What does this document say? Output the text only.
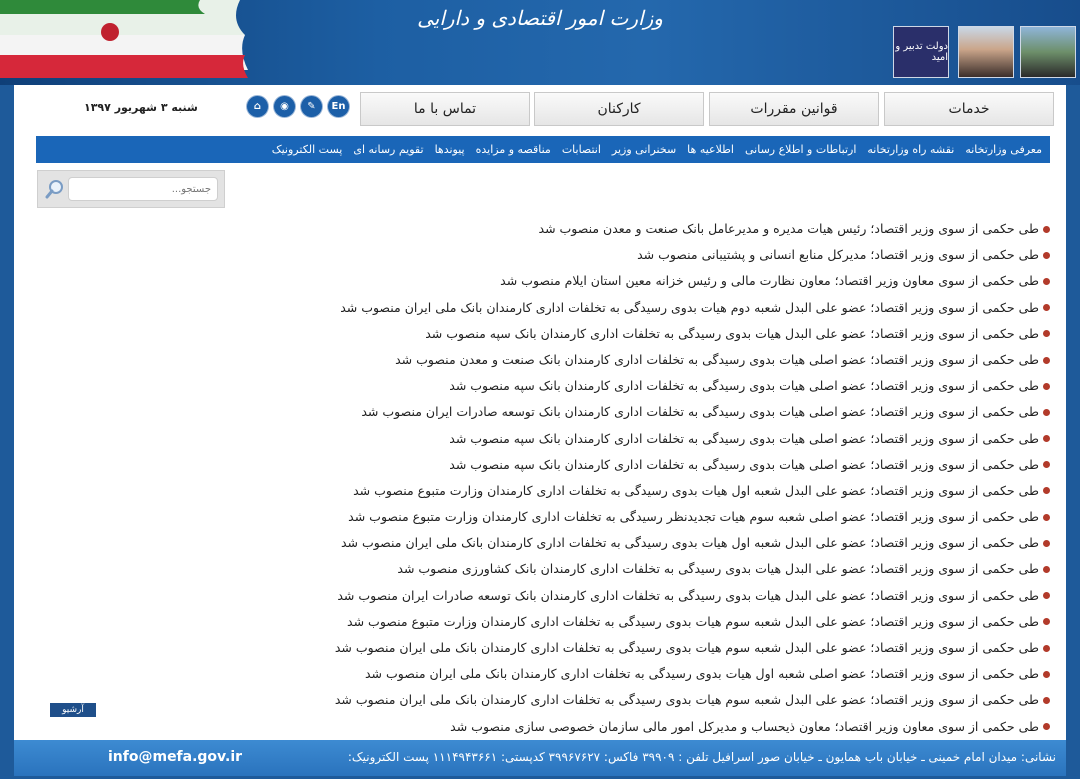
وزارت امور اقتصادی و دارایی
دولت تدبیر و امید
شنبه ۳ شهریور ۱۳۹۷	⌂	◉	✎	En	خدمات
قوانین مقررات
کارکنان
تماس با ما
معرفی وزارتخانه
نقشه راه وزارتخانه
ارتباطات و اطلاع رسانی
اطلاعیه ها
سخنرانی وزیر
انتصابات
مناقصه و مزایده
پیوندها
تقویم رسانه ای
پست الکترونیک
جستجو...
طی حکمی از سوی وزیر اقتصاد؛ رئیس هیات مدیره و مدیرعامل بانک صنعت و معدن منصوب شد
طی حکمی از سوی وزیر اقتصاد؛ مدیرکل منابع انسانی و پشتیبانی منصوب شد
طی حکمی از سوی معاون وزیر اقتصاد؛ معاون نظارت مالی و رئیس خزانه معین استان ایلام منصوب شد
طی حکمی از سوی وزیر اقتصاد؛ عضو علی البدل شعبه دوم هیات بدوی رسیدگی به تخلفات اداری کارمندان بانک ملی ایران منصوب شد
طی حکمی از سوی وزیر اقتصاد؛ عضو علی البدل هیات بدوی رسیدگی به تخلفات اداری کارمندان بانک سپه منصوب شد
طی حکمی از سوی وزیر اقتصاد؛ عضو اصلی هیات بدوی رسیدگی به تخلفات اداری کارمندان بانک صنعت و معدن منصوب شد
طی حکمی از سوی وزیر اقتصاد؛ عضو اصلی هیات بدوی رسیدگی به تخلفات اداری کارمندان بانک سپه منصوب شد
طی حکمی از سوی وزیر اقتصاد؛ عضو اصلی هیات بدوی رسیدگی به تخلفات اداری کارمندان بانک توسعه صادرات ایران منصوب شد
طی حکمی از سوی وزیر اقتصاد؛ عضو اصلی هیات بدوی رسیدگی به تخلفات اداری کارمندان بانک سپه منصوب شد
طی حکمی از سوی وزیر اقتصاد؛ عضو اصلی هیات بدوی رسیدگی به تخلفات اداری کارمندان بانک سپه منصوب شد
طی حکمی از سوی وزیر اقتصاد؛ عضو علی البدل شعبه اول هیات بدوی رسیدگی به تخلفات اداری کارمندان وزارت متبوع منصوب شد
طی حکمی از سوی وزیر اقتصاد؛ عضو اصلی شعبه سوم هیات تجدیدنظر رسیدگی به تخلفات اداری کارمندان وزارت متبوع منصوب شد
طی حکمی از سوی وزیر اقتصاد؛ عضو علی البدل شعبه اول هیات بدوی رسیدگی به تخلفات اداری کارمندان بانک ملی ایران منصوب شد
طی حکمی از سوی وزیر اقتصاد؛ عضو علی البدل هیات بدوی رسیدگی به تخلفات اداری کارمندان بانک کشاورزی منصوب شد
طی حکمی از سوی وزیر اقتصاد؛ عضو علی البدل هیات بدوی رسیدگی به تخلفات اداری کارمندان بانک توسعه صادرات ایران منصوب شد
طی حکمی از سوی وزیر اقتصاد؛ عضو علی البدل شعبه سوم هیات بدوی رسیدگی به تخلفات اداری کارمندان وزارت متبوع منصوب شد
طی حکمی از سوی وزیر اقتصاد؛ عضو علی البدل شعبه سوم هیات بدوی رسیدگی به تخلفات اداری کارمندان بانک ملی ایران منصوب شد
طی حکمی از سوی وزیر اقتصاد؛ عضو اصلی شعبه اول هیات بدوی رسیدگی به تخلفات اداری کارمندان بانک ملی ایران منصوب شد
طی حکمی از سوی وزیر اقتصاد؛ عضو علی البدل شعبه سوم هیات بدوی رسیدگی به تخلفات اداری کارمندان بانک ملی ایران منصوب شد
طی حکمی از سوی معاون وزیر اقتصاد؛ معاون ذیحساب و مدیرکل امور مالی سازمان خصوصی سازی منصوب شد
آرشیو
نشانی: میدان امام خمینی ـ خیابان باب همایون ـ خیابان صور اسرافیل تلفن : ۳۹۹۰۹ فاکس: ۳۹۹۶۷۶۲۷ کدپستی: ۱۱۱۴۹۴۳۶۶۱ پست الکترونیک:
info@mefa.gov.ir
